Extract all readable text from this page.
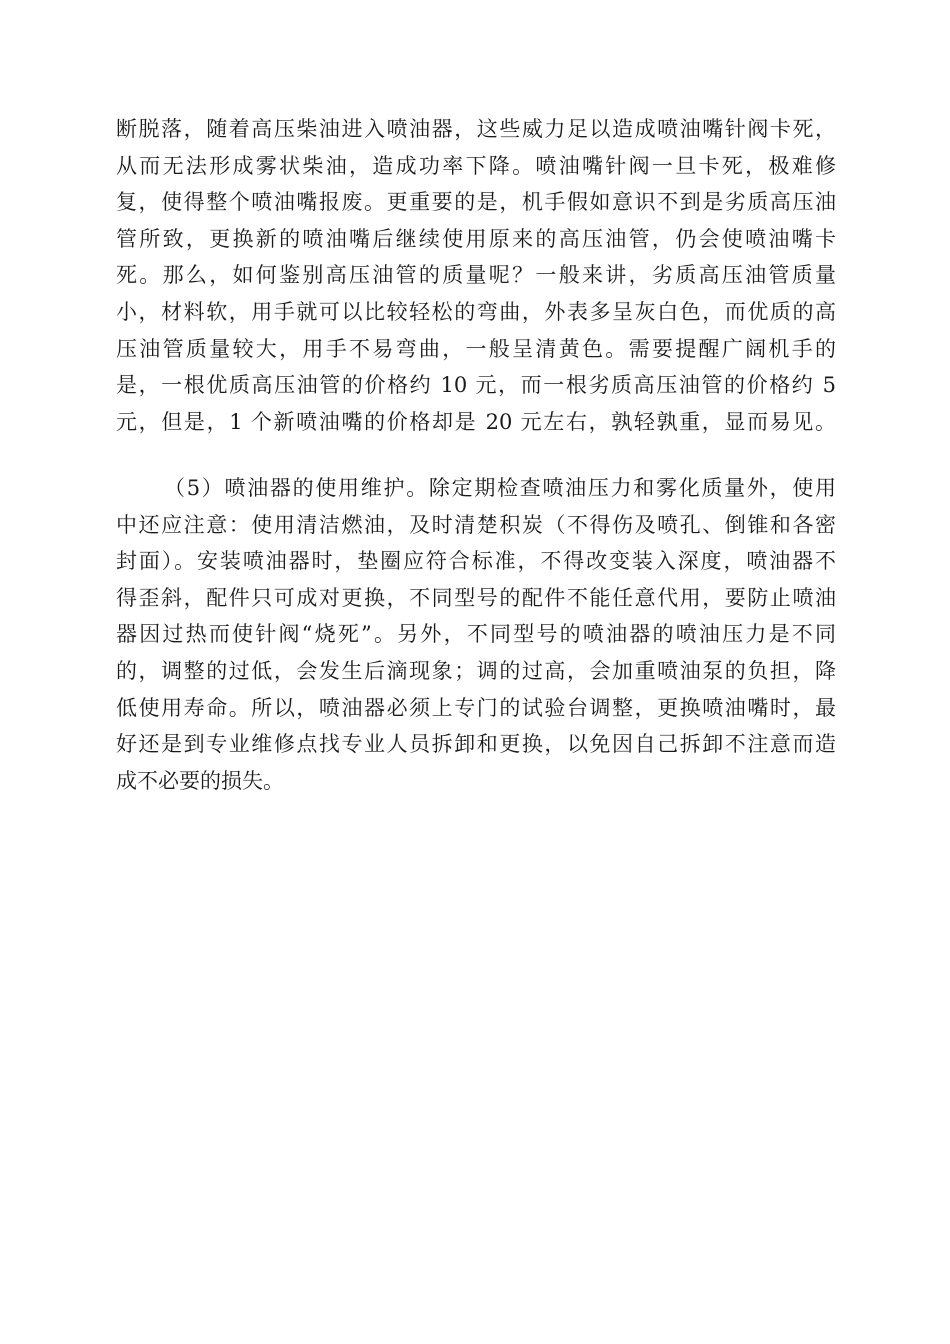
断脱落，随着高压柴油进入喷油器，这些威力足以造成喷油嘴针阀卡死，
从而无法形成雾状柴油，造成功率下降。喷油嘴针阀一旦卡死，极难修
复，使得整个喷油嘴报废。更重要的是，机手假如意识不到是劣质高压油
管所致，更换新的喷油嘴后继续使用原来的高压油管，仍会使喷油嘴卡
死。那么，如何鉴别高压油管的质量呢？一般来讲，劣质高压油管质量
小，材料软，用手就可以比较轻松的弯曲，外表多呈灰白色，而优质的高
压油管质量较大，用手不易弯曲，一般呈清黄色。需要提醒广阔机手的
是，一根优质高压油管的价格约 10 元，而一根劣质高压油管的价格约 5
元，但是，1 个新喷油嘴的价格却是 20 元左右，孰轻孰重，显而易见。
（5）喷油器的使用维护。除定期检查喷油压力和雾化质量外，使用
中还应注意：使用清洁燃油，及时清楚积炭（不得伤及喷孔、倒锥和各密
封面）。安装喷油器时，垫圈应符合标准，不得改变装入深度，喷油器不
得歪斜，配件只可成对更换，不同型号的配件不能任意代用，要防止喷油
器因过热而使针阀“烧死”。另外，不同型号的喷油器的喷油压力是不同
的，调整的过低，会发生后滴现象；调的过高，会加重喷油泵的负担，降
低使用寿命。所以，喷油器必须上专门的试验台调整，更换喷油嘴时，最
好还是到专业维修点找专业人员拆卸和更换，以免因自己拆卸不注意而造
成不必要的损失。
